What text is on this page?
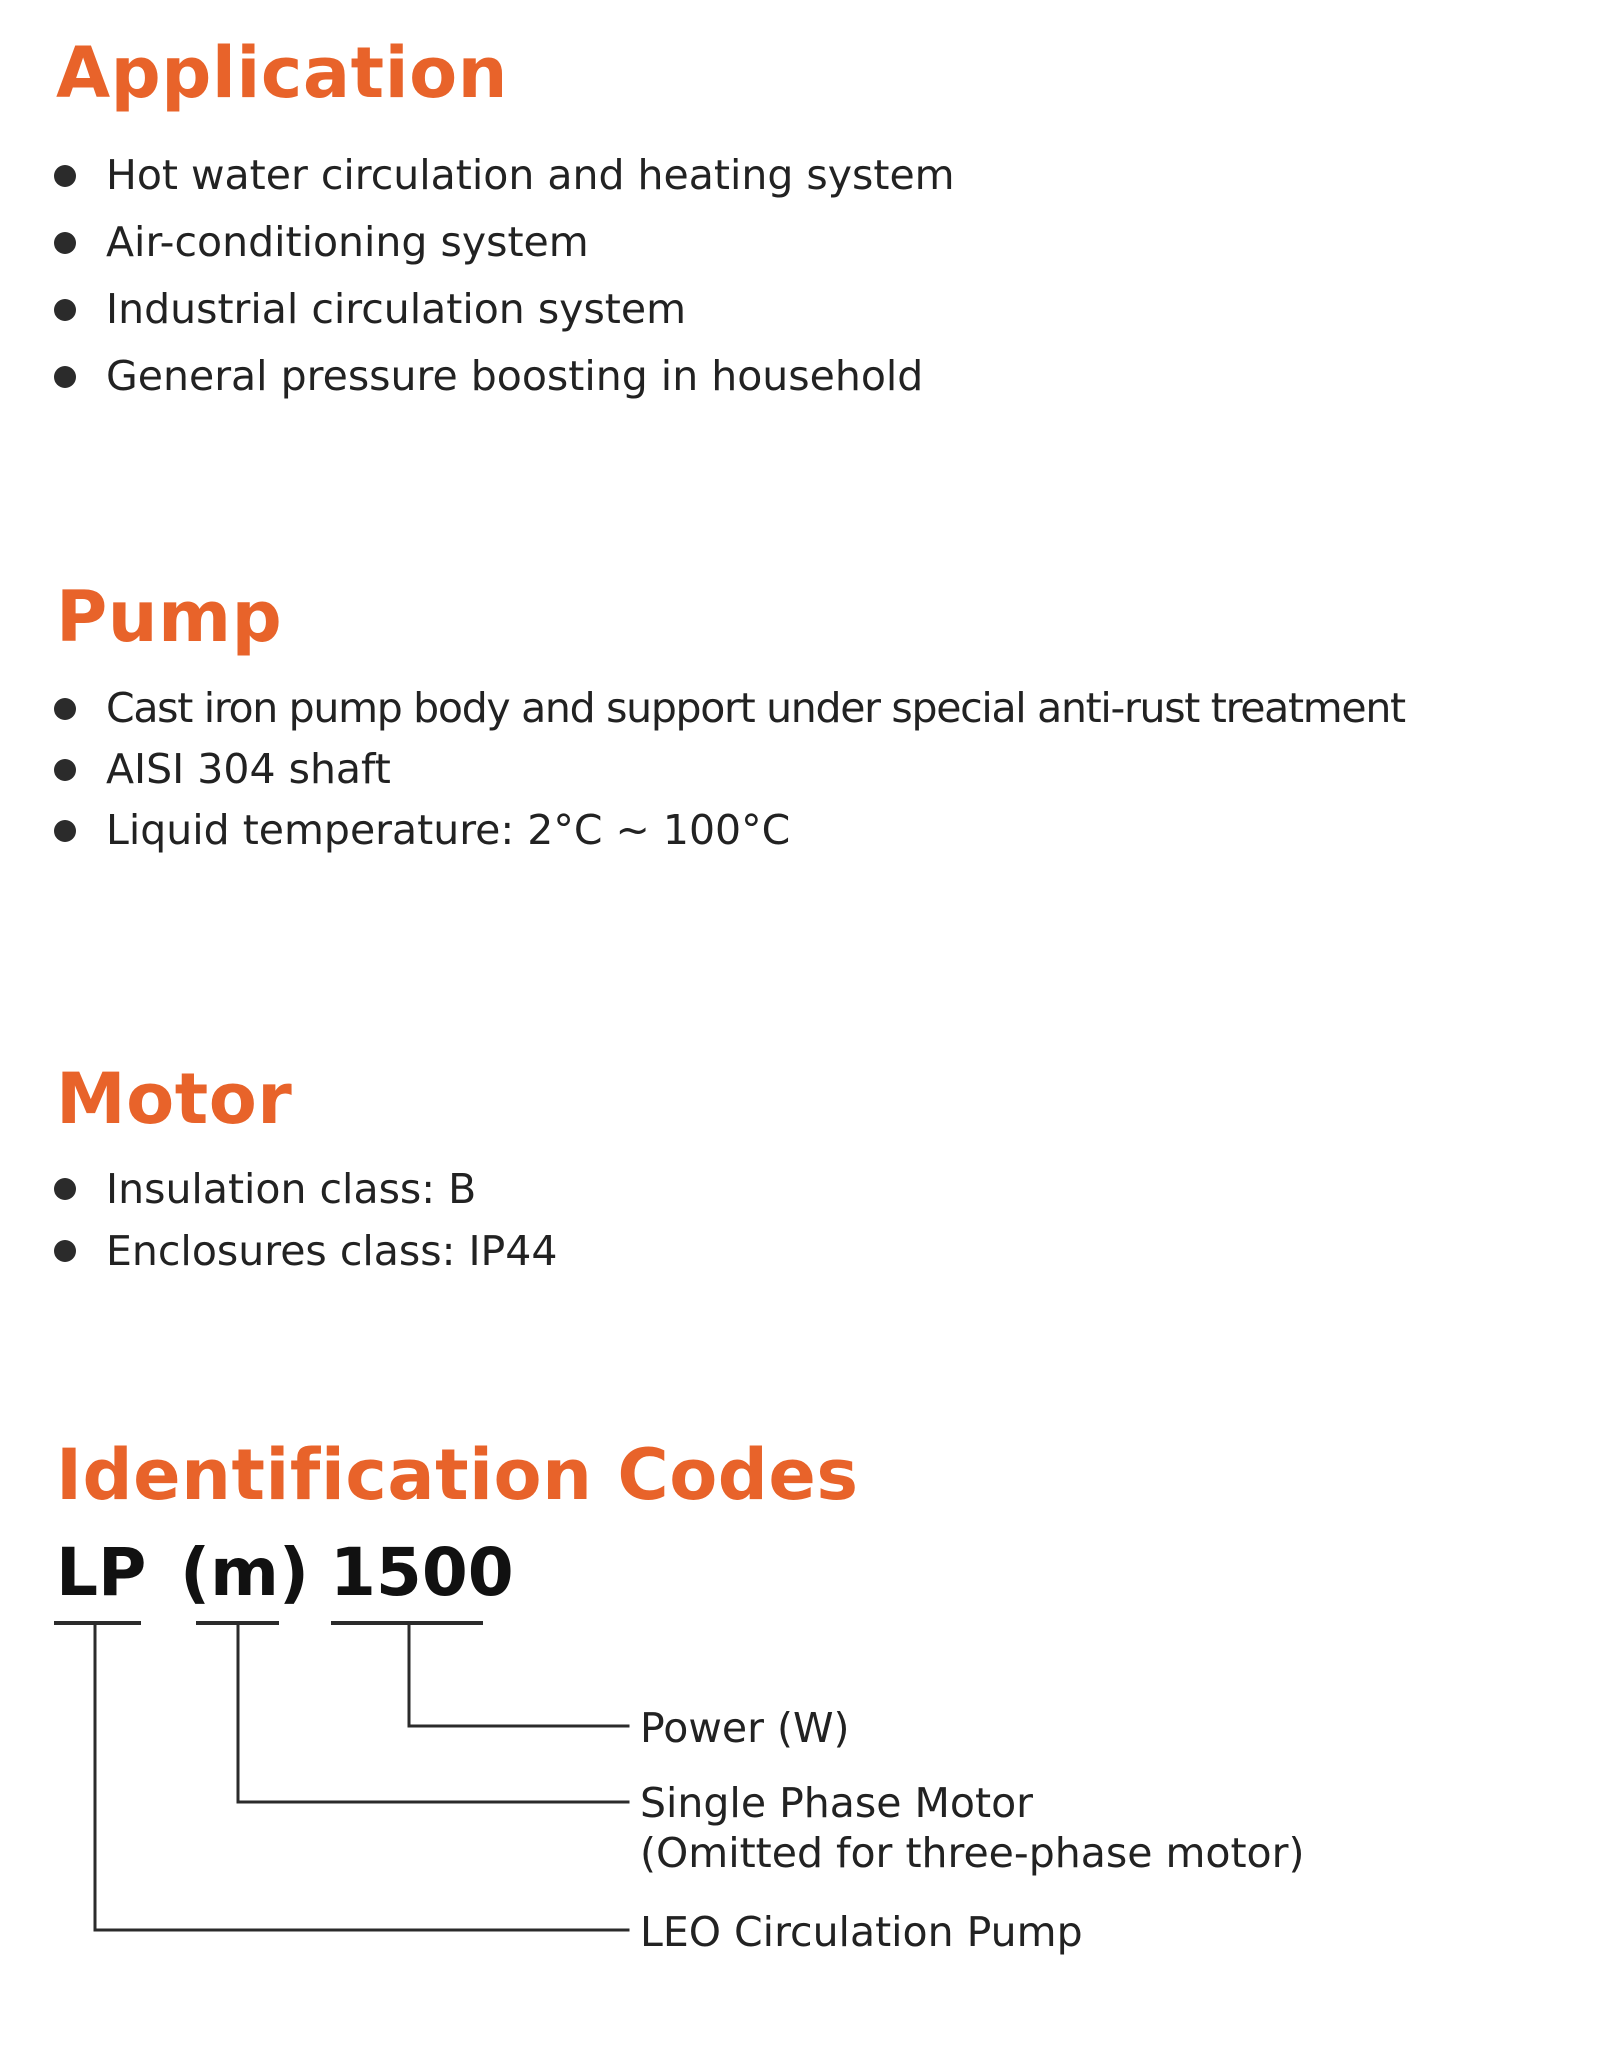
Application
Hot water circulation and heating system
Air-conditioning system
Industrial circulation system
General pressure boosting in household
Pump
Cast iron pump body and support under special anti-rust treatment
AISI 304 shaft
Liquid temperature: 2°C ~ 100°C
Motor
Insulation class: B
Enclosures class: IP44
Identification Codes
LP (m) 1500
Power (W)
Single Phase Motor
(Omitted for three-phase motor)
LEO Circulation Pump
